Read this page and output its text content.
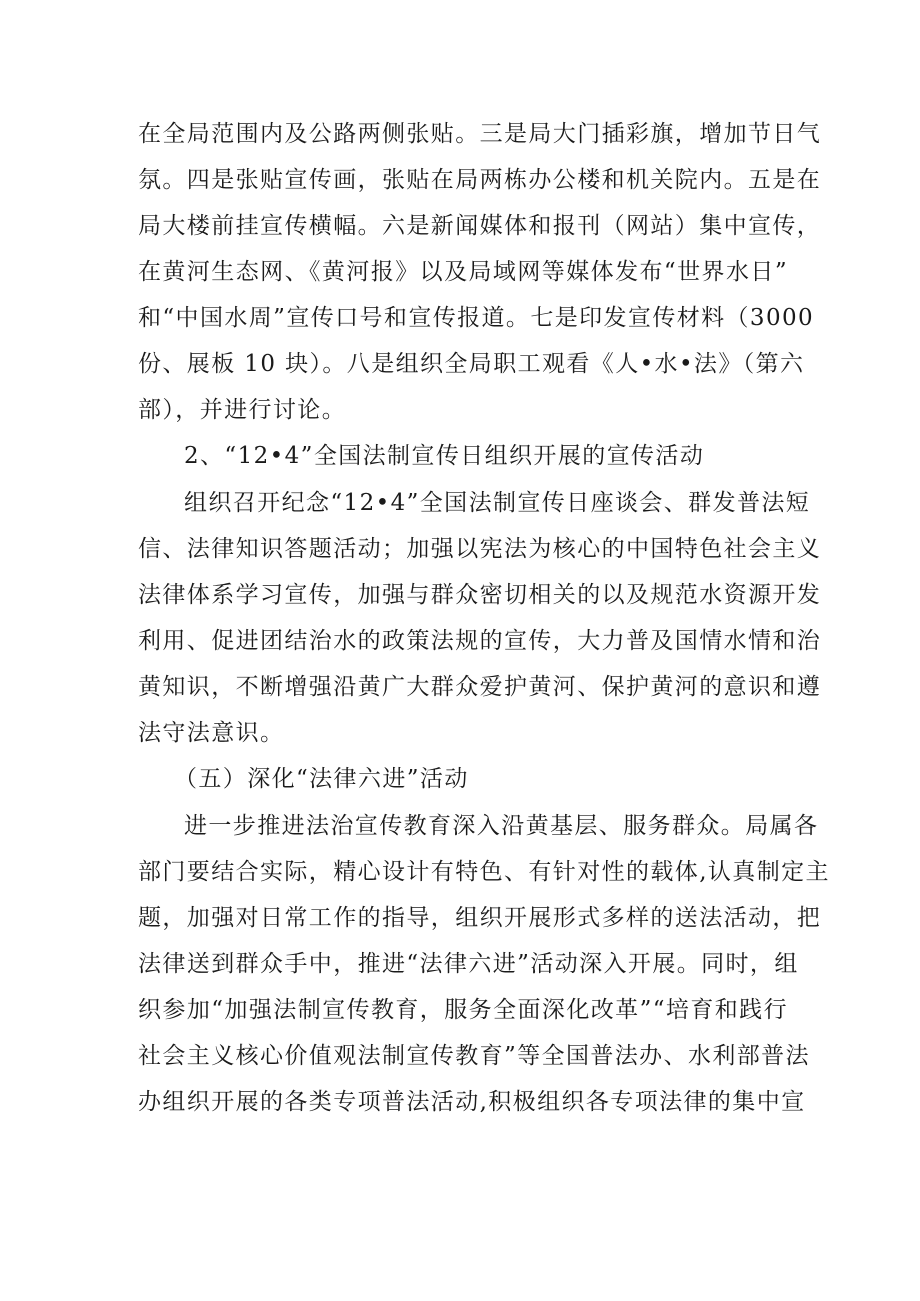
在全局范围内及公路两侧张贴。三是局大门插彩旗，增加节日气
氛。四是张贴宣传画，张贴在局两栋办公楼和机关院内。五是在
局大楼前挂宣传横幅。六是新闻媒体和报刊（网站）集中宣传，
在黄河生态网、《黄河报》以及局域网等媒体发布“世界水日”
和“中国水周”宣传口号和宣传报道。七是印发宣传材料（3000
份、展板 10 块）。八是组织全局职工观看《人•水•法》（第六
部），并进行讨论。
2、“12•4”全国法制宣传日组织开展的宣传活动
组织召开纪念“12•4”全国法制宣传日座谈会、群发普法短
信、法律知识答题活动；加强以宪法为核心的中国特色社会主义
法律体系学习宣传，加强与群众密切相关的以及规范水资源开发
利用、促进团结治水的政策法规的宣传，大力普及国情水情和治
黄知识，不断增强沿黄广大群众爱护黄河、保护黄河的意识和遵
法守法意识。
（五）深化“法律六进”活动
进一步推进法治宣传教育深入沿黄基层、服务群众。局属各
部门要结合实际，精心设计有特色、有针对性的载体,认真制定主
题，加强对日常工作的指导，组织开展形式多样的送法活动，把
法律送到群众手中，推进“法律六进”活动深入开展。同时，组
织参加“加强法制宣传教育，服务全面深化改革”“培育和践行
社会主义核心价值观法制宣传教育”等全国普法办、水利部普法
办组织开展的各类专项普法活动,积极组织各专项法律的集中宣
